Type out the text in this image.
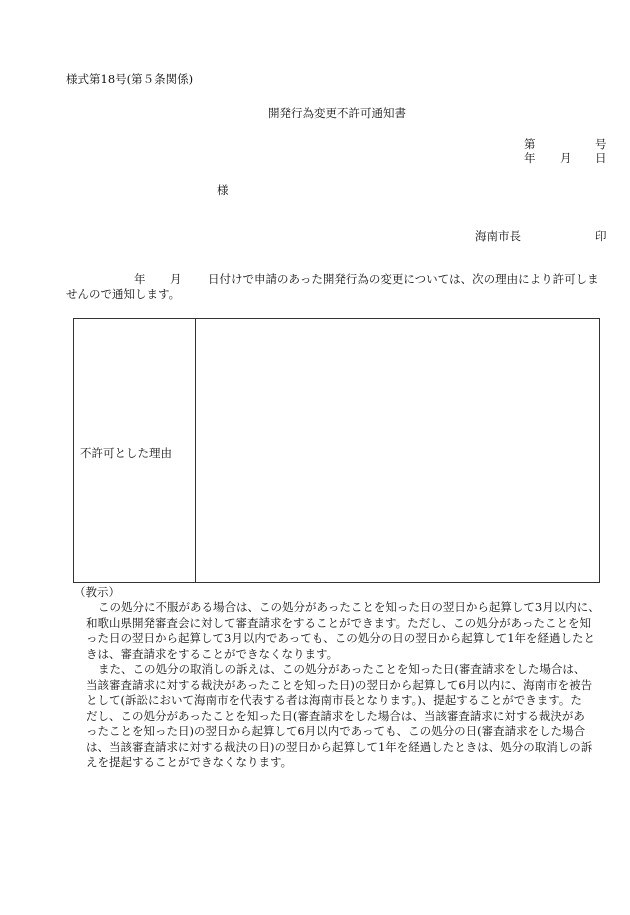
様式第18号(第５条関係)
開発行為変更不許可通知書
第	号
年 月 日
様
海南市長	印
年 月 日付けで申請のあった開発行為の変更については、次の理由により許可しま
せんので通知します。
不許可とした理由
（教示）
この処分に不服がある場合は、この処分があったことを知った日の翌日から起算して3月以内に、
和歌山県開発審査会に対して審査請求をすることができます。ただし、この処分があったことを知
った日の翌日から起算して3月以内であっても、この処分の日の翌日から起算して1年を経過したと
きは、審査請求をすることができなくなります。
また、この処分の取消しの訴えは、この処分があったことを知った日(審査請求をした場合は、
当該審査請求に対する裁決があったことを知った日)の翌日から起算して6月以内に、海南市を被告
として(訴訟において海南市を代表する者は海南市長となります。)、提起することができます。た
だし、この処分があったことを知った日(審査請求をした場合は、当該審査請求に対する裁決があ
ったことを知った日)の翌日から起算して6月以内であっても、この処分の日(審査請求をした場合
は、当該審査請求に対する裁決の日)の翌日から起算して1年を経過したときは、処分の取消しの訴
えを提起することができなくなります。
